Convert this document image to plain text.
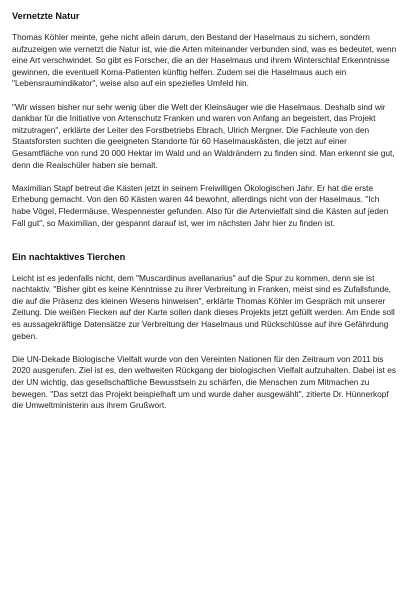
Vernetzte Natur

Thomas Köhler meinte, gehe nicht allein darum, den Bestand der Haselmaus zu sichern, sondern aufzuzeigen wie vernetzt die Natur ist, wie die Arten miteinander verbunden sind, was es bedeutet, wenn eine Art verschwindet. So gibt es Forscher, die an der Haselmaus und ihrem Winterschlaf Erkenntnisse gewinnen, die eventuell Koma-Patienten künftig helfen. Zudem sei die Haselmaus auch ein "Lebensraumindikator", weise also auf ein spezielles Umfeld hin.

"Wir wissen bisher nur sehr wenig über die Welt der Kleinsäuger wie die Haselmaus. Deshalb sind wir dankbar für die Initiative von Artenschutz Franken und waren von Anfang an begeistert, das Projekt mitzutragen", erklärte der Leiter des Forstbetriebs Ebrach, Ulrich Mergner. Die Fachleute von den Staatsforsten suchten die geeigneten Standorte für 60 Haselmauskästen, die jetzt auf einer Gesamtfläche von rund 20 000 Hektar im Wald und an Waldrändern zu finden sind. Man erkennt sie gut, denn die Realschüler haben sie bemalt.

Maximilian Stapf betreut die Kästen jetzt in seinem Freiwilligen Ökologischen Jahr. Er hat die erste Erhebung gemacht. Von den 60 Kästen waren 44 bewohnt, allerdings nicht von der Haselmaus. "Ich habe Vögel, Fledermäuse, Wespennester gefunden. Also für die Artenvielfalt sind die Kästen auf jeden Fall gut", so Maximilian, der gespannt darauf ist, wer im nächsten Jahr hier zu finden ist.

Ein nachtaktives Tierchen

Leicht ist es jedenfalls nicht, dem "Muscardinus avellanarius" auf die Spur zu kommen, denn sie ist nachtaktiv. "Bisher gibt es keine Kenntnisse zu ihrer Verbreitung in Franken, meist sind es Zufallsfunde, die auf die Präsenz des kleinen Wesens hinweisen", erklärte Thomas Köhler im Gespräch mit unserer Zeitung. Die weißen Flecken auf der Karte sollen dank dieses Projekts jetzt gefüllt werden. Am Ende soll es aussagekräftige Datensätze zur Verbreitung der Haselmaus und Rückschlüsse auf ihre Gefährdung geben.

Die UN-Dekade Biologische Vielfalt wurde von den Vereinten Nationen für den Zeitraum von 2011 bis 2020 ausgerufen. Ziel ist es, den weltweiten Rückgang der biologischen Vielfalt aufzuhalten. Dabei ist es der UN wichtig, das gesellschaftliche Bewusstsein zu schärfen, die Menschen zum Mitmachen zu bewegen. "Das setzt das Projekt beispielhaft um und wurde daher ausgewählt", zitierte Dr. Hünnerkopf die Umweltministerin aus ihrem Grußwort.
